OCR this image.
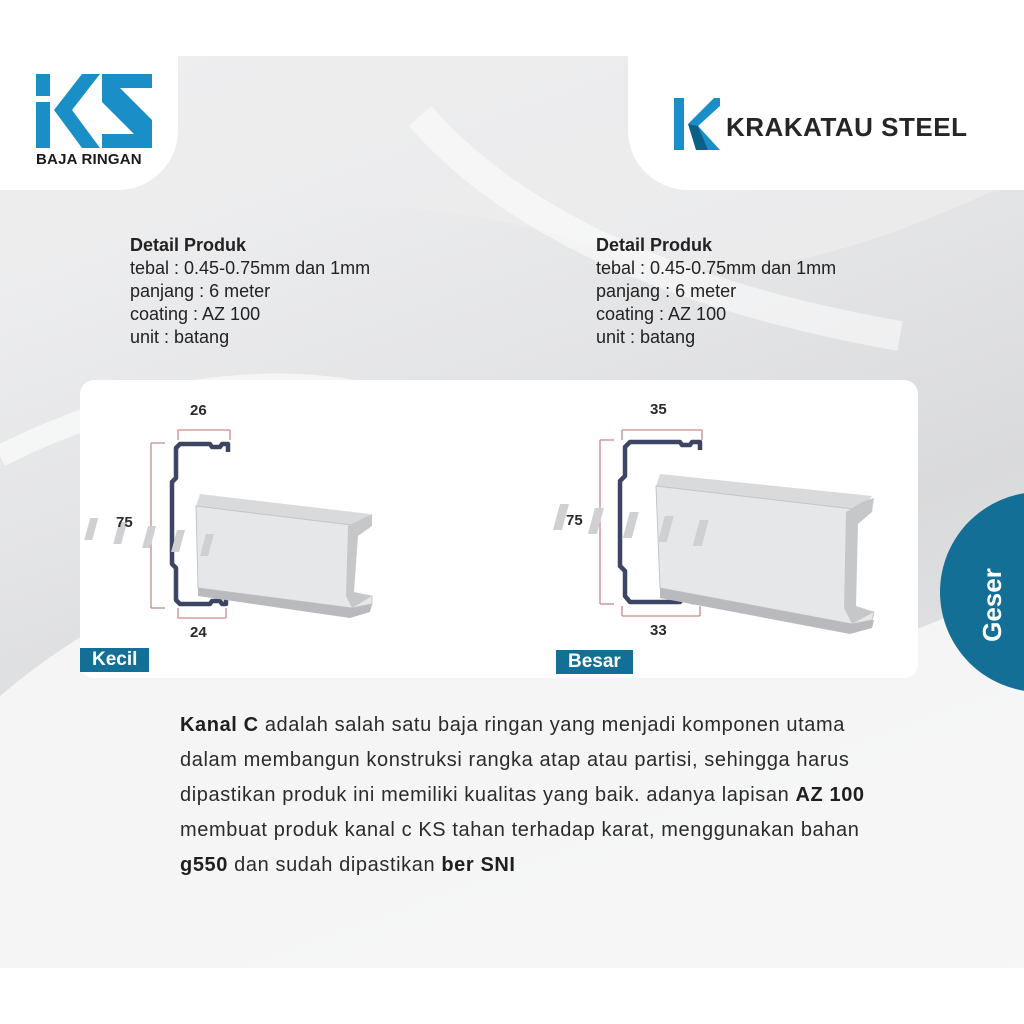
BAJA RINGAN
KRAKATAU STEEL
Detail Produk
tebal : 0.45-0.75mm dan 1mm
panjang : 6 meter
coating : AZ 100
unit : batang
Detail Produk
tebal : 0.45-0.75mm dan 1mm
panjang : 6 meter
coating : AZ 100
unit : batang
26
75
24
35
75
33
Kecil	Besar
Geser
Kanal C adalah salah satu baja ringan yang menjadi komponen utama dalam membangun konstruksi rangka atap atau partisi, sehingga harus dipastikan produk ini memiliki kualitas yang baik. adanya lapisan AZ 100 membuat produk kanal c KS tahan terhadap karat, menggunakan bahan g550 dan sudah dipastikan ber SNI
